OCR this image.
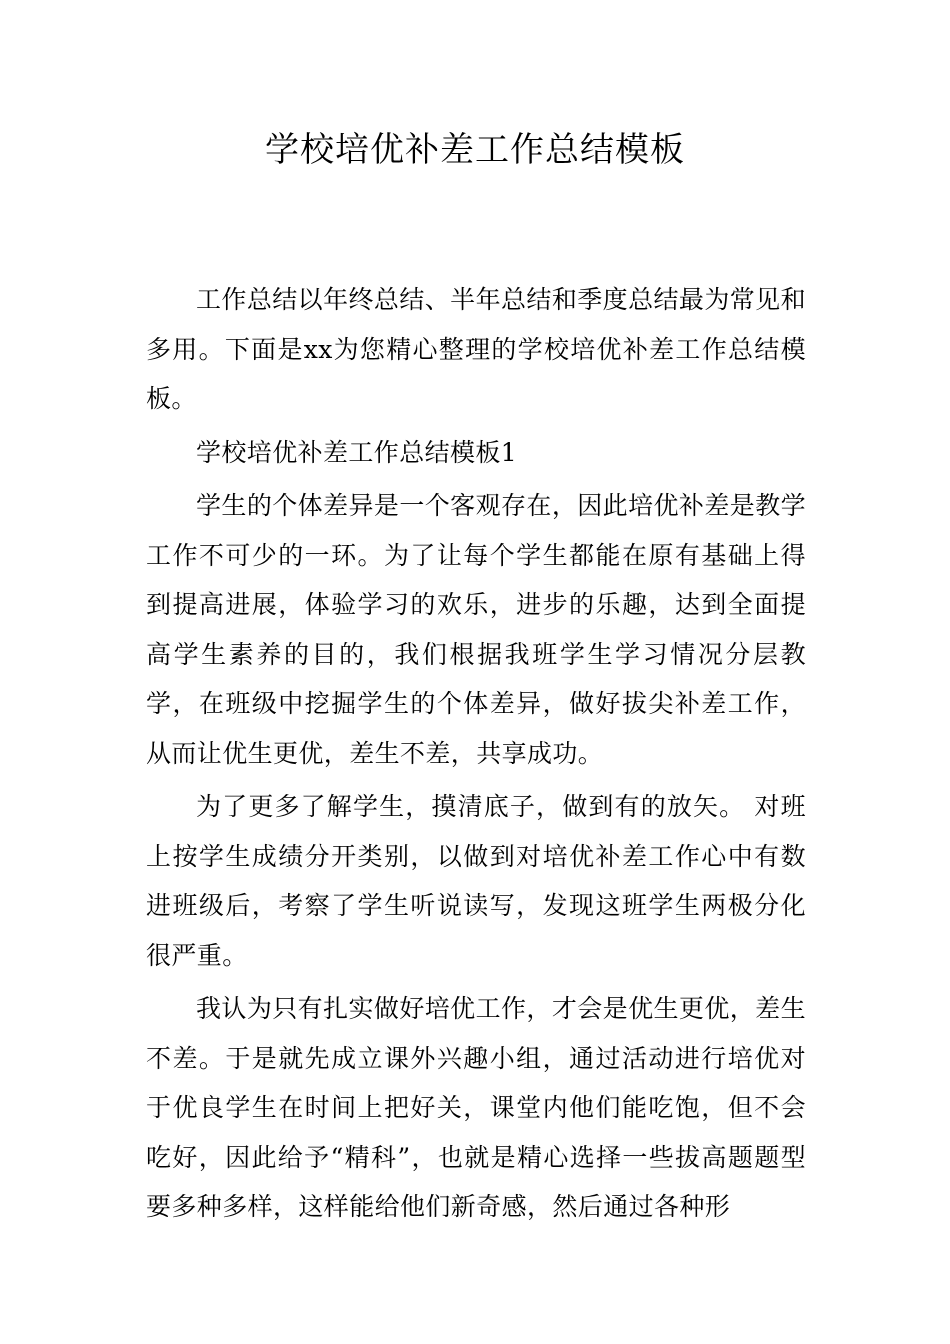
学校培优补差工作总结模板

工作总结以年终总结、半年总结和季度总结最为常见和多用。下面是xx为您精心整理的学校培优补差工作总结模板。

学校培优补差工作总结模板1

学生的个体差异是一个客观存在，因此培优补差是教学工作不可少的一环。为了让每个学生都能在原有基础上得到提高进展，体验学习的欢乐，进步的乐趣，达到全面提高学生素养的目的，我们根据我班学生学习情况分层教学，在班级中挖掘学生的个体差异，做好拔尖补差工作，从而让优生更优，差生不差，共享成功。

为了更多了解学生，摸清底子，做到有的放矢。 对班上按学生成绩分开类别，以做到对培优补差工作心中有数进班级后，考察了学生听说读写，发现这班学生两极分化很严重。

我认为只有扎实做好培优工作，才会是优生更优，差生不差。于是就先成立课外兴趣小组，通过活动进行培优对于优良学生在时间上把好关，课堂内他们能吃饱，但不会吃好，因此给予“精科”，也就是精心选择一些拔高题题型要多种多样，这样能给他们新奇感，然后通过各种形
